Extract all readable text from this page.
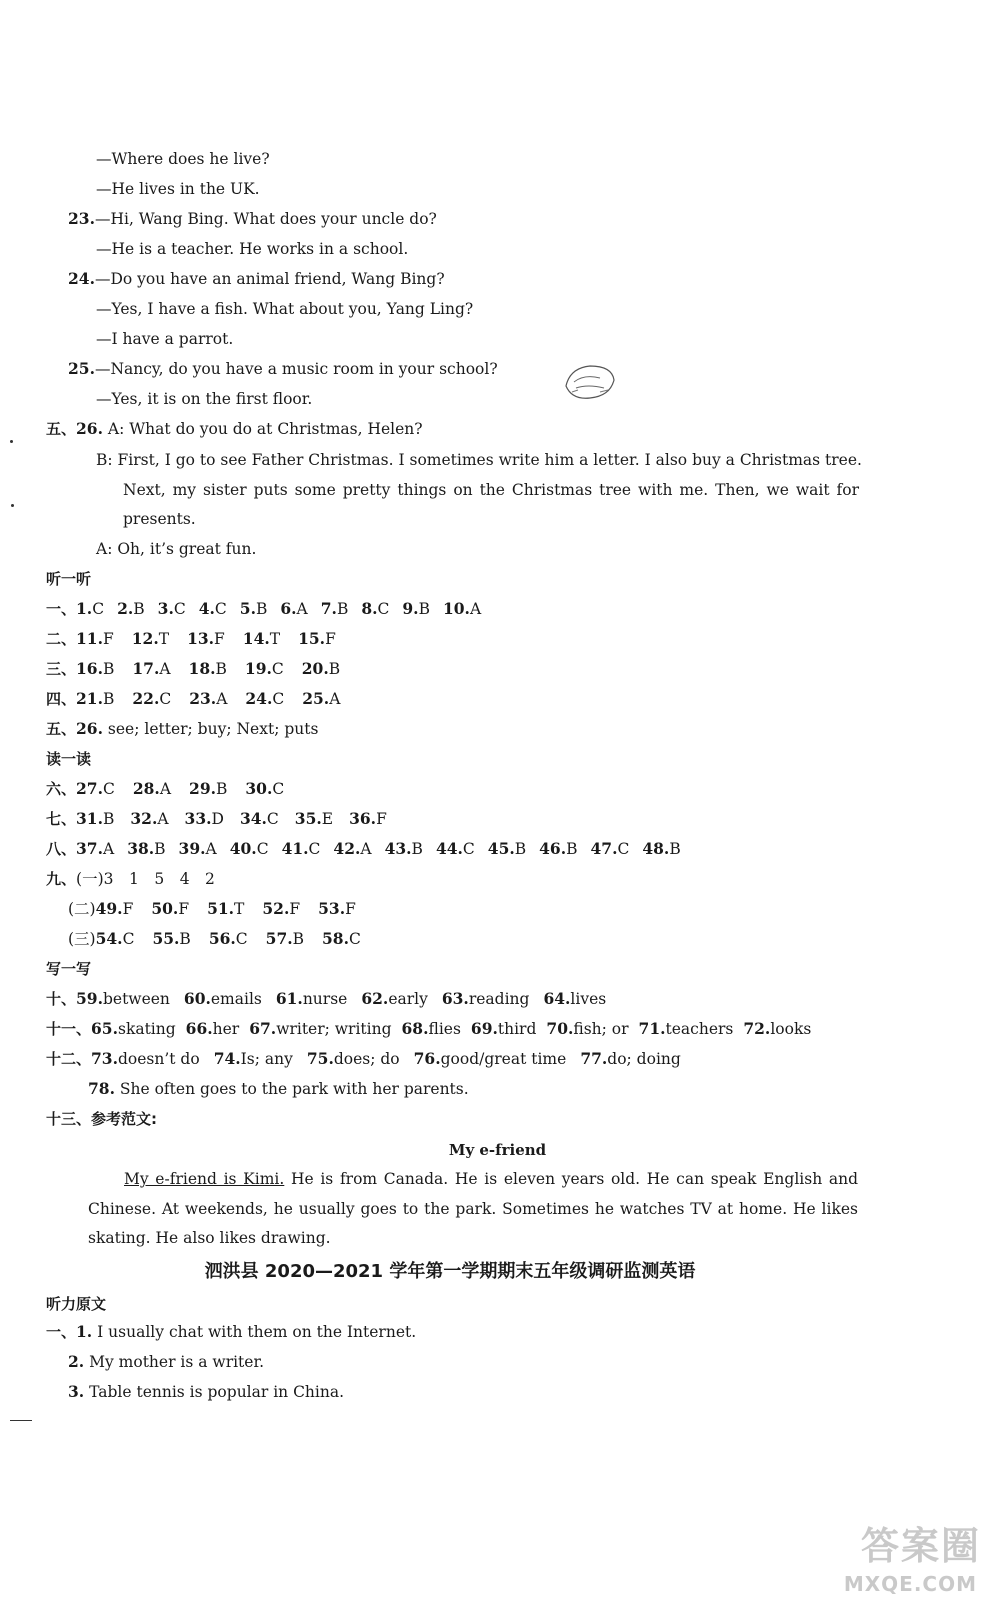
—Where does he live?
—He lives in the UK.
23.—Hi, Wang Bing. What does your uncle do?
—He is a teacher. He works in a school.
24.—Do you have an animal friend, Wang Bing?
—Yes, I have a fish. What about you, Yang Ling?
—I have a parrot.
25.—Nancy, do you have a music room in your school?
—Yes, it is on the first floor.
五、26. A: What do you do at Christmas, Helen?
B: First, I go to see Father Christmas. I sometimes write him a letter. I also buy a Christmas tree.
Next, my sister puts some pretty things on the Christmas tree with me. Then, we wait for
presents.
A: Oh, it’s great fun.
听一听
一、1.C 2.B 3.C 4.C 5.B 6.A 7.B 8.C 9.B 10.A
二、11.F 12.T 13.F 14.T 15.F
三、16.B 17.A 18.B 19.C 20.B
四、21.B 22.C 23.A 24.C 25.A
五、26. see; letter; buy; Next; puts
读一读
六、27.C 28.A 29.B 30.C
七、31.B 32.A 33.D 34.C 35.E 36.F
八、37.A 38.B 39.A 40.C 41.C 42.A 43.B 44.C 45.B 46.B 47.C 48.B
九、(一)3　1　5　4　2
(二)49.F 50.F 51.T 52.F 53.F
(三)54.C 55.B 56.C 57.B 58.C
写一写
十、59.between 60.emails 61.nurse 62.early 63.reading 64.lives
十一、65.skating 66.her 67.writer; writing 68.flies 69.third 70.fish; or 71.teachers 72.looks
十二、73.doesn’t do 74.Is; any 75.does; do 76.good/great time 77.do; doing
78. She often goes to the park with her parents.
十三、参考范文:
My e-friend
My e-friend is Kimi. He is from Canada. He is eleven years old. He can speak English and
Chinese. At weekends, he usually goes to the park. Sometimes he watches TV at home. He likes
skating. He also likes drawing.
泗洪县 2020—2021 学年第一学期期末五年级调研监测英语
听力原文
一、1. I usually chat with them on the Internet.
2. My mother is a writer.
3. Table tennis is popular in China.
答案圈
MXQE.COM
